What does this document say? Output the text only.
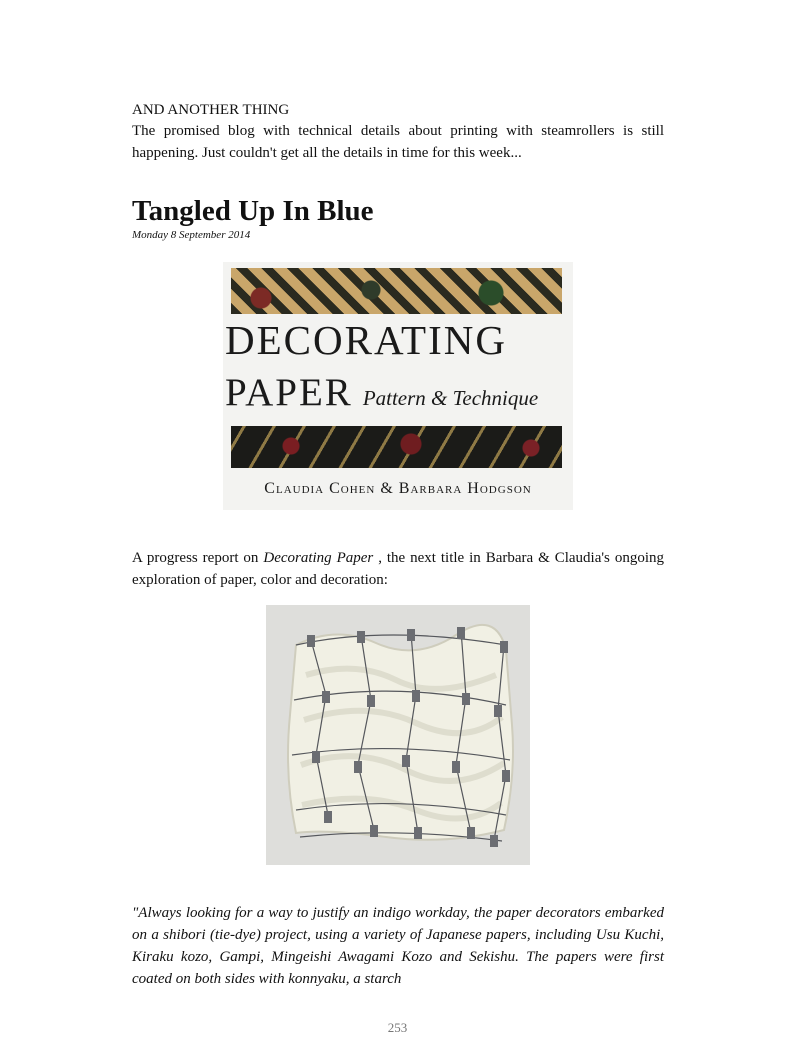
AND ANOTHER THING

The promised blog with technical details about printing with steamrollers is still happening. Just couldn't get all the details in time for this week...

Tangled Up In Blue

Monday 8 September 2014

DECORATING

PAPER Pattern & Technique
Claudia Cohen & Barbara Hodgson

A progress report on Decorating Paper , the next title in Barbara & Claudia's ongoing exploration of paper, color and decoration:

"Always looking for a way to justify an indigo workday, the paper decorators embarked on a shibori (tie-dye) project, using a variety of Japanese papers, including Usu Kuchi, Kiraku kozo, Gampi, Mingeishi Awagami Kozo and Sekishu. The papers were first coated on both sides with konnyaku, a starch

253
